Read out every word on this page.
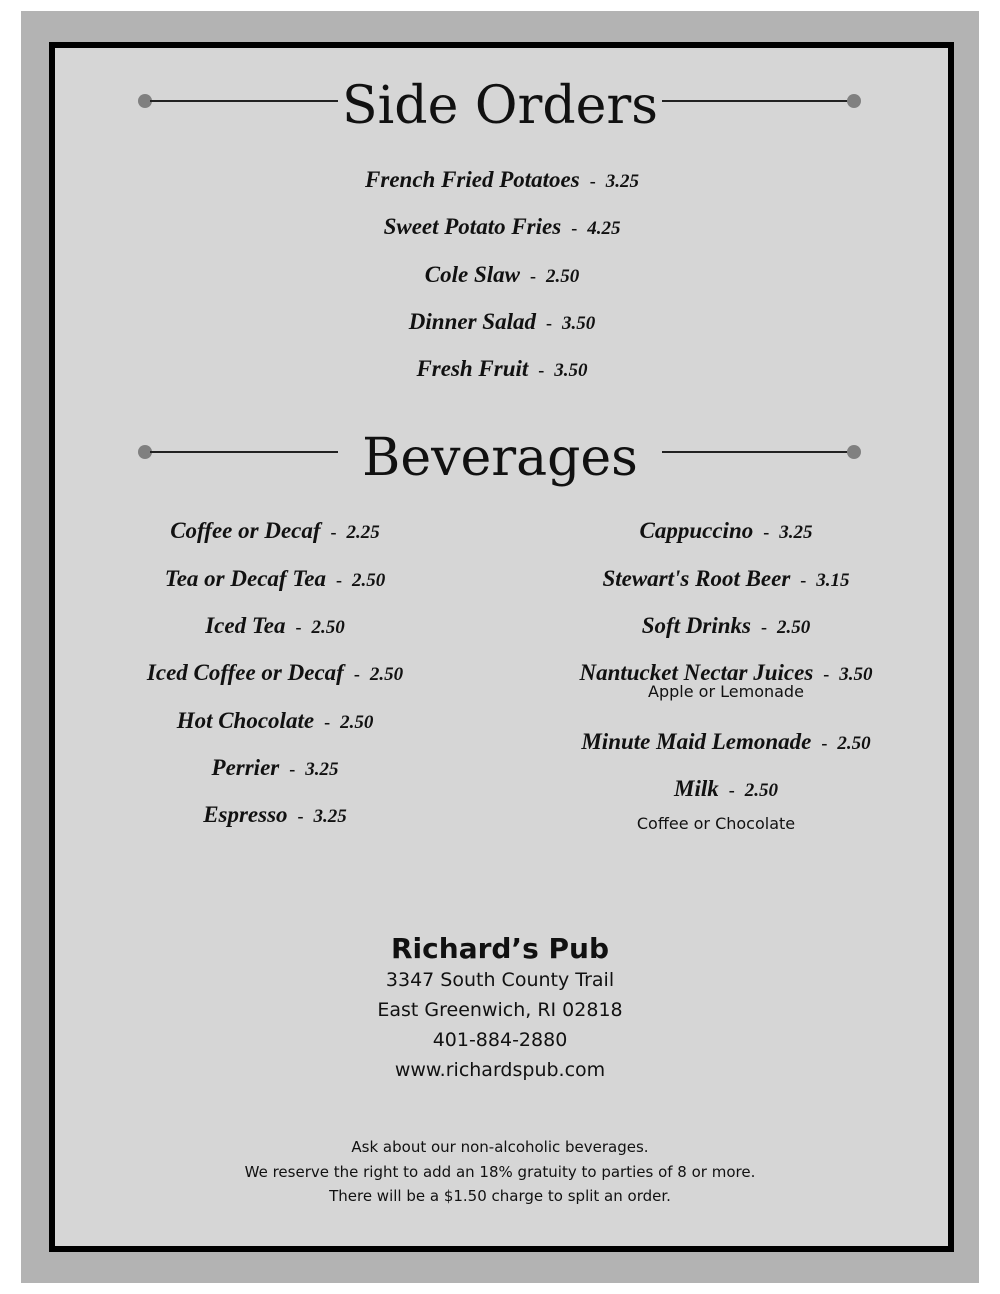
Side Orders
French Fried Potatoes - 3.25
Sweet Potato Fries - 4.25
Cole Slaw - 2.50
Dinner Salad - 3.50
Fresh Fruit - 3.50
Beverages
Coffee or Decaf - 2.25
Tea or Decaf Tea - 2.50
Iced Tea - 2.50
Iced Coffee or Decaf - 2.50
Hot Chocolate - 2.50
Perrier - 3.25
Espresso - 3.25
Cappuccino - 3.25
Stewart's Root Beer - 3.15
Soft Drinks - 2.50
Nantucket Nectar Juices - 3.50
Apple or Lemonade
Minute Maid Lemonade - 2.50
Milk - 2.50
Coffee or Chocolate
Richard’s Pub
3347 South County Trail
East Greenwich, RI 02818
401-884-2880
www.richardspub.com
Ask about our non-alcoholic beverages.
We reserve the right to add an 18% gratuity to parties of 8 or more.
There will be a $1.50 charge to split an order.
